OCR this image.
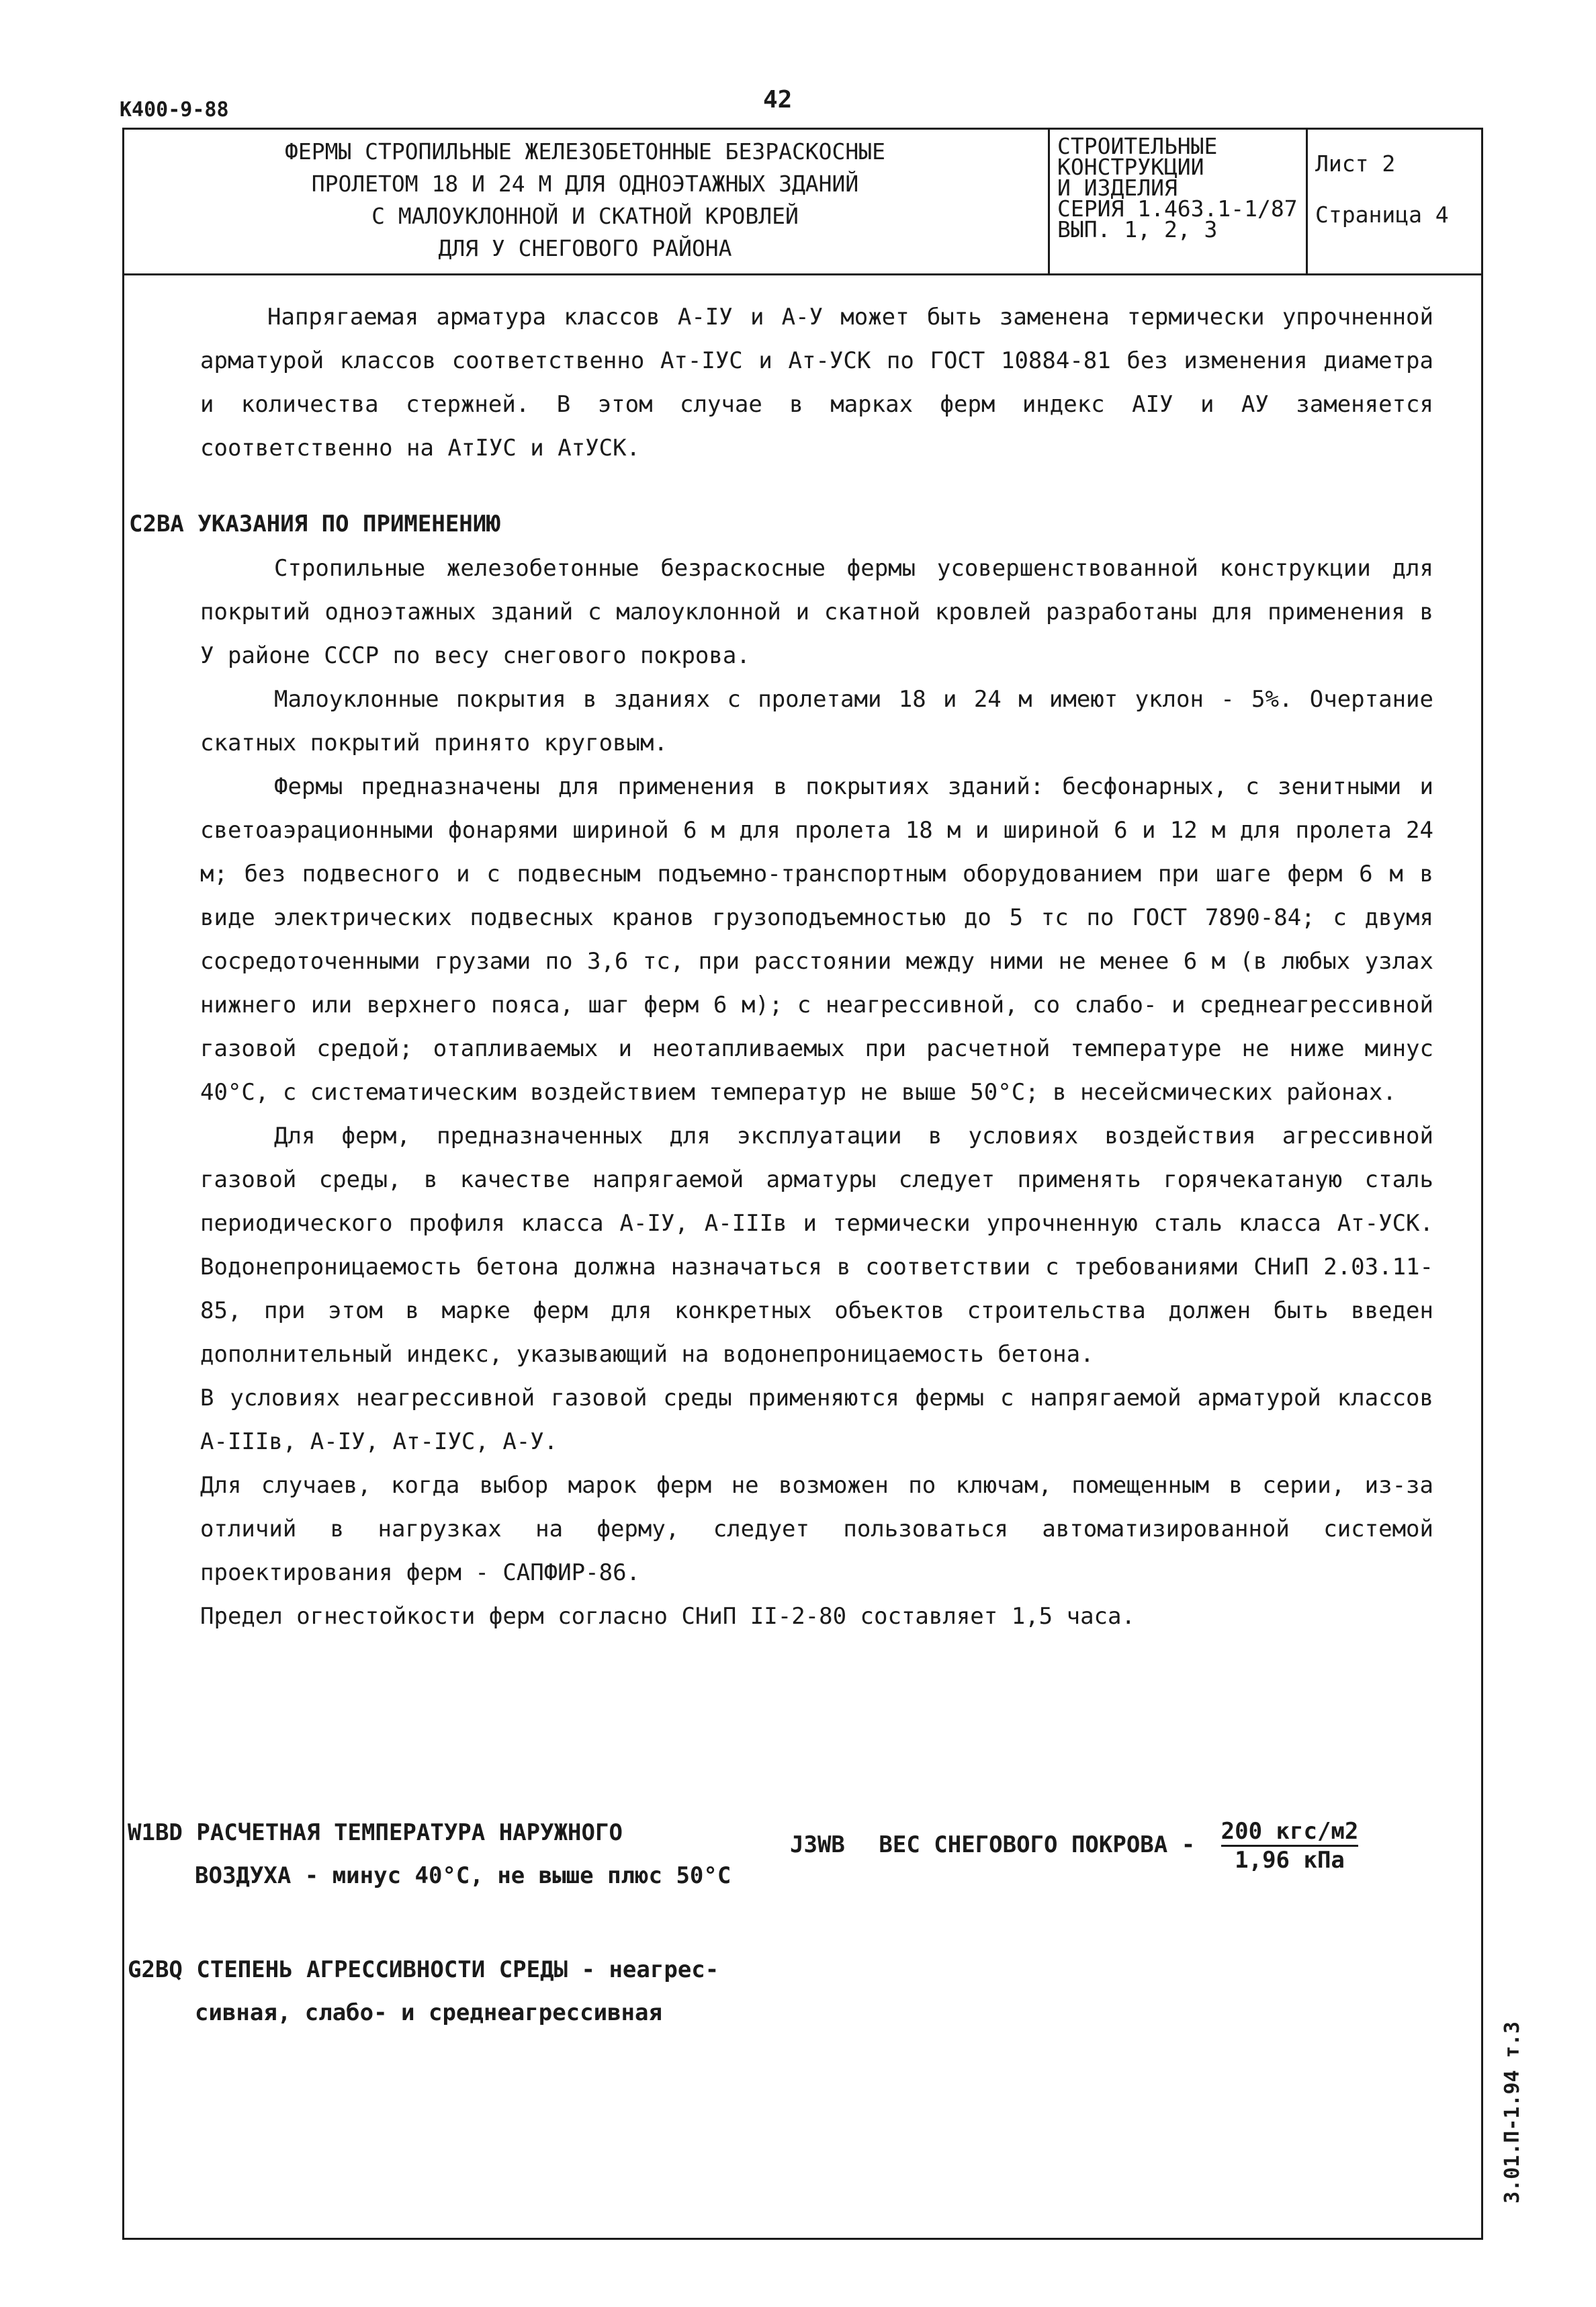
К400-9-88	42
ФЕРМЫ СТРОПИЛЬНЫЕ ЖЕЛЕЗОБЕТОННЫЕ БЕЗРАСКОСНЫЕ
ПРОЛЕТОМ 18 И 24 М ДЛЯ ОДНОЭТАЖНЫХ ЗДАНИЙ
С МАЛОУКЛОННОЙ И СКАТНОЙ КРОВЛЕЙ
ДЛЯ У СНЕГОВОГО РАЙОНА
СТРОИТЕЛЬНЫЕ
КОНСТРУКЦИИ
И ИЗДЕЛИЯ
СЕРИЯ 1.463.1-1/87
ВЫП. 1, 2, 3
Лист 2
Страница 4
Напрягаемая арматура классов А-IУ и А-У может быть заменена термически упрочненной арматурой классов соответственно Ат-IУС и Ат-УСК по ГОСТ 10884-81 без изменения диаметра и количества стержней. В этом случае в марках ферм индекс АIУ и АУ заменяется соответственно на АтIУС и АтУСК.
С2ВА УКАЗАНИЯ ПО ПРИМЕНЕНИЮ
Стропильные железобетонные безраскосные фермы усовершенствованной конструкции для покрытий одноэтажных зданий с малоуклонной и скатной кровлей разработаны для применения в У районе СССР по весу снегового покрова.
Малоуклонные покрытия в зданиях с пролетами 18 и 24 м имеют уклон - 5%. Очертание скатных покрытий принято круговым.
Фермы предназначены для применения в покрытиях зданий: бесфонарных, с зенитными и светоаэрационными фонарями шириной 6 м для пролета 18 м и шириной 6 и 12 м для пролета 24 м; без подвесного и с подвесным подъемно-транспортным оборудованием при шаге ферм 6 м в виде электрических подвесных кранов грузоподъемностью до 5 тс по ГОСТ 7890-84; с двумя сосредоточенными грузами по 3,6 тс, при расстоянии между ними не менее 6 м (в любых узлах нижнего или верхнего пояса, шаг ферм 6 м); с неагрессивной, со слабо- и среднеагрессивной газовой средой; отапливаемых и неотапливаемых при расчетной температуре не ниже минус 40°С, с систематическим воздействием температур не выше 50°С; в несейсмических районах.
Для ферм, предназначенных для эксплуатации в условиях воздействия агрессивной газовой среды, в качестве напрягаемой арматуры следует применять горячекатаную сталь периодического профиля класса А-IУ, А-IIIв и термически упрочненную сталь класса Ат-УСК. Водонепроницаемость бетона должна назначаться в соответствии с требованиями СНиП 2.03.11-85, при этом в марке ферм для конкретных объектов строительства должен быть введен дополнительный индекс, указывающий на водонепроницаемость бетона.
В условиях неагрессивной газовой среды применяются фермы с напрягаемой арматурой классов А-IIIв, А-IУ, Ат-IУС, А-У.
Для случаев, когда выбор марок ферм не возможен по ключам, помещенным в серии, из-за отличий в нагрузках на ферму, следует пользоваться автоматизированной системой проектирования ферм - САПФИР-86.
Предел огнестойкости ферм согласно СНиП II-2-80 составляет 1,5 часа.
W1BD РАСЧЕТНАЯ ТЕМПЕРАТУРА НАРУЖНОГО
ВОЗДУХА - минус 40°С, не выше плюс 50°С
J3WB ВЕС СНЕГОВОГО ПОКРОВА - $\frac{\text{200 кгс/м2}}{\text{1,96 кПа}}$
G2BQ СТЕПЕНЬ АГРЕССИВНОСТИ СРЕДЫ - неагрес-
сивная, слабо- и среднеагрессивная
3.01.П-1.94 т.3
